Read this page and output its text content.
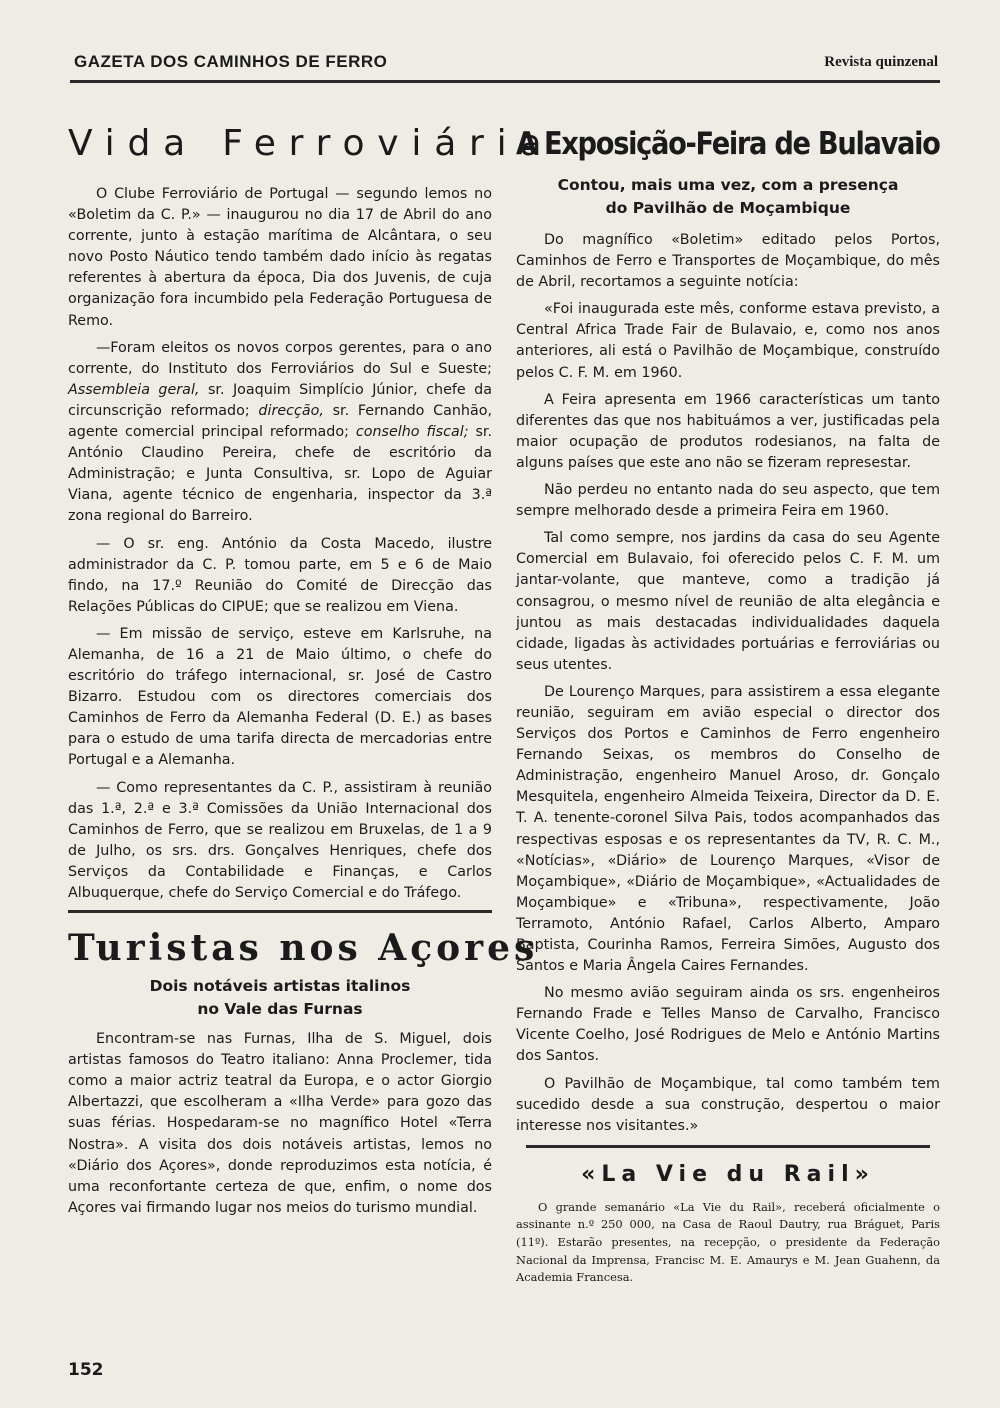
GAZETA DOS CAMINHOS DE FERRO	Revista quinzenal
Vida Ferroviária

O Clube Ferroviário de Portugal — segundo lemos no «Boletim da C. P.» — inaugurou no dia 17 de Abril do ano corrente, junto à estação marítima de Alcântara, o seu novo Posto Náutico tendo também dado início às regatas referentes à abertura da época, Dia dos Juvenis, de cuja organização fora incumbido pela Federação Portuguesa de Remo.

—Foram eleitos os novos corpos gerentes, para o ano corrente, do Instituto dos Ferroviários do Sul e Sueste; Assembleia geral, sr. Joaquim Simplício Júnior, chefe da circunscrição reformado; direcção, sr. Fernando Canhão, agente comercial principal reformado; conselho fiscal; sr. António Claudino Pereira, chefe de escritório da Administração; e Junta Consultiva, sr. Lopo de Aguiar Viana, agente técnico de engenharia, inspector da 3.ª zona regional do Barreiro.

— O sr. eng. António da Costa Macedo, ilustre administrador da C. P. tomou parte, em 5 e 6 de Maio findo, na 17.º Reunião do Comité de Direcção das Relações Públicas do CIPUE; que se realizou em Viena.

— Em missão de serviço, esteve em Karlsruhe, na Alemanha, de 16 a 21 de Maio último, o chefe do escritório do tráfego internacional, sr. José de Castro Bizarro. Estudou com os directores comerciais dos Caminhos de Ferro da Alemanha Federal (D. E.) as bases para o estudo de uma tarifa directa de mercadorias entre Portugal e a Alemanha.

— Como representantes da C. P., assistiram à reunião das 1.ª, 2.ª e 3.ª Comissões da União Internacional dos Caminhos de Ferro, que se realizou em Bruxelas, de 1 a 9 de Julho, os srs. drs. Gonçalves Henriques, chefe dos Serviços da Contabilidade e Finanças, e Carlos Albuquerque, chefe do Serviço Comercial e do Tráfego.

Turistas nos Açores
Dois notáveis artistas italinos
no Vale das Furnas

Encontram-se nas Furnas, Ilha de S. Miguel, dois artistas famosos do Teatro italiano: Anna Proclemer, tida como a maior actriz teatral da Europa, e o actor Giorgio Albertazzi, que escolheram a «Ilha Verde» para gozo das suas férias. Hospedaram-se no magnífico Hotel «Terra Nostra». A visita dos dois notáveis artistas, lemos no «Diário dos Açores», donde reproduzimos esta notícia, é uma reconfortante certeza de que, enfim, o nome dos Açores vai firmando lugar nos meios do turismo mundial.

A Exposição-Feira de Bulavaio
Contou, mais uma vez, com a presença
do Pavilhão de Moçambique

Do magnífico «Boletim» editado pelos Portos, Caminhos de Ferro e Transportes de Moçambique, do mês de Abril, recortamos a seguinte notícia:

«Foi inaugurada este mês, conforme estava previsto, a Central Africa Trade Fair de Bulavaio, e, como nos anos anteriores, ali está o Pavilhão de Moçambique, construído pelos C. F. M. em 1960.

A Feira apresenta em 1966 características um tanto diferentes das que nos habituámos a ver, justificadas pela maior ocupação de produtos rodesianos, na falta de alguns países que este ano não se fizeram represestar.

Não perdeu no entanto nada do seu aspecto, que tem sempre melhorado desde a primeira Feira em 1960.

Tal como sempre, nos jardins da casa do seu Agente Comercial em Bulavaio, foi oferecido pelos C. F. M. um jantar-volante, que manteve, como a tradição já consagrou, o mesmo nível de reunião de alta elegância e juntou as mais destacadas individualidades daquela cidade, ligadas às actividades portuárias e ferroviárias ou seus utentes.

De Lourenço Marques, para assistirem a essa elegante reunião, seguiram em avião especial o director dos Serviços dos Portos e Caminhos de Ferro engenheiro Fernando Seixas, os membros do Conselho de Administração, engenheiro Manuel Aroso, dr. Gonçalo Mesquitela, engenheiro Almeida Teixeira, Director da D. E. T. A. tenente-coronel Silva Pais, todos acompanhados das respectivas esposas e os representantes da TV, R. C. M., «Notícias», «Diário» de Lourenço Marques, «Visor de Moçambique», «Diário de Moçambique», «Actualidades de Moçambique» e «Tribuna», respectivamente, João Terramoto, António Rafael, Carlos Alberto, Amparo Baptista, Courinha Ramos, Ferreira Simões, Augusto dos Santos e Maria Ângela Caires Fernandes.

No mesmo avião seguiram ainda os srs. engenheiros Fernando Frade e Telles Manso de Carvalho, Francisco Vicente Coelho, José Rodrigues de Melo e António Martins dos Santos.

O Pavilhão de Moçambique, tal como também tem sucedido desde a sua construção, despertou o maior interesse nos visitantes.»

«La Vie du Rail»

O grande semanário «La Vie du Rail», receberá oficialmente o assinante n.º 250 000, na Casa de Raoul Dautry, rua Bráguet, Paris (11º). Estarão presentes, na recepção, o presidente da Federação Nacional da Imprensa, Francisc M. E. Amaurys e M. Jean Guahenn, da Academia Francesa.

152
